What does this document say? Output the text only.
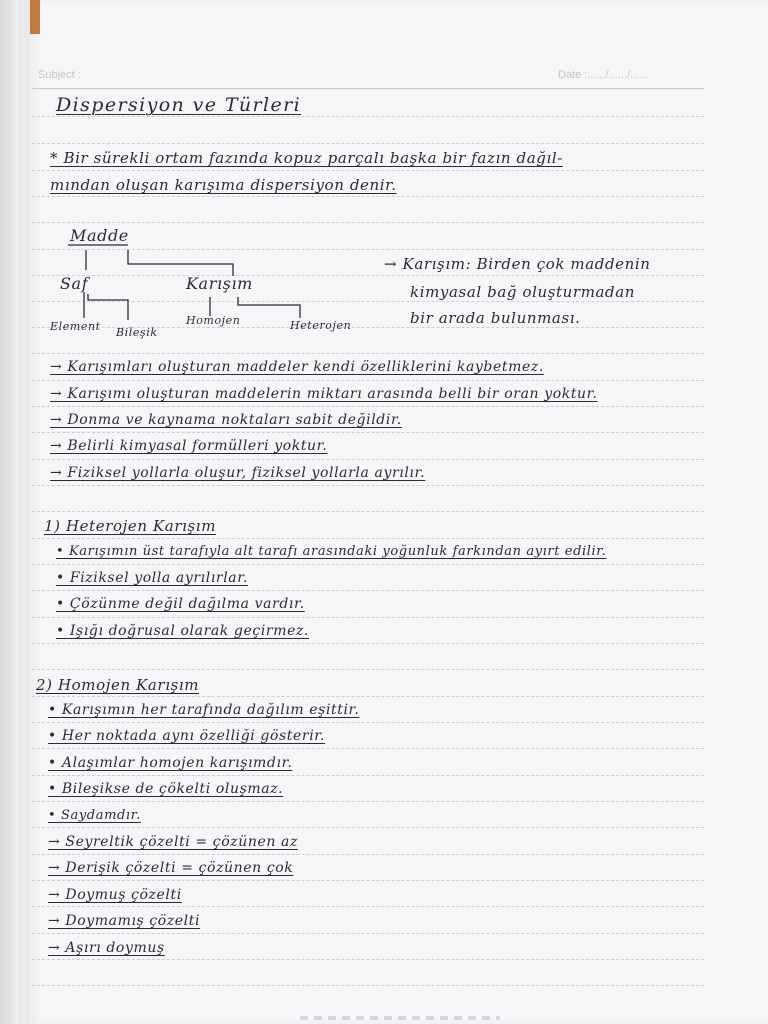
Subject :	Date :....../....../......
Dispersiyon ve Türleri
* Bir sürekli ortam fazında kopuz parçalı başka bir fazın dağıl-
mından oluşan karışıma dispersiyon denir.
Madde
Saf	Karışım
Element Bileşik
Homojen	Heterojen
→ Karışım: Birden çok maddenin
kimyasal bağ oluşturmadan
bir arada bulunması.
→ Karışımları oluşturan maddeler kendi özelliklerini kaybetmez.
→ Karışımı oluşturan maddelerin miktarı arasında belli bir oran yoktur.
→ Donma ve kaynama noktaları sabit değildir.
→ Belirli kimyasal formülleri yoktur.
→ Fiziksel yollarla oluşur, fiziksel yollarla ayrılır.
1) Heterojen Karışım
• Karışımın üst tarafıyla alt tarafı arasındaki yoğunluk farkından ayırt edilir.
• Fiziksel yolla ayrılırlar.
• Çözünme değil dağılma vardır.
• Işığı doğrusal olarak geçirmez.
2) Homojen Karışım
• Karışımın her tarafında dağılım eşittir.
• Her noktada aynı özelliği gösterir.
• Alaşımlar homojen karışımdır.
• Bileşikse de çökelti oluşmaz.
• Saydamdır.
→ Seyreltik çözelti = çözünen az
→ Derişik çözelti = çözünen çok
→ Doymuş çözelti
→ Doymamış çözelti
→ Aşırı doymuş
